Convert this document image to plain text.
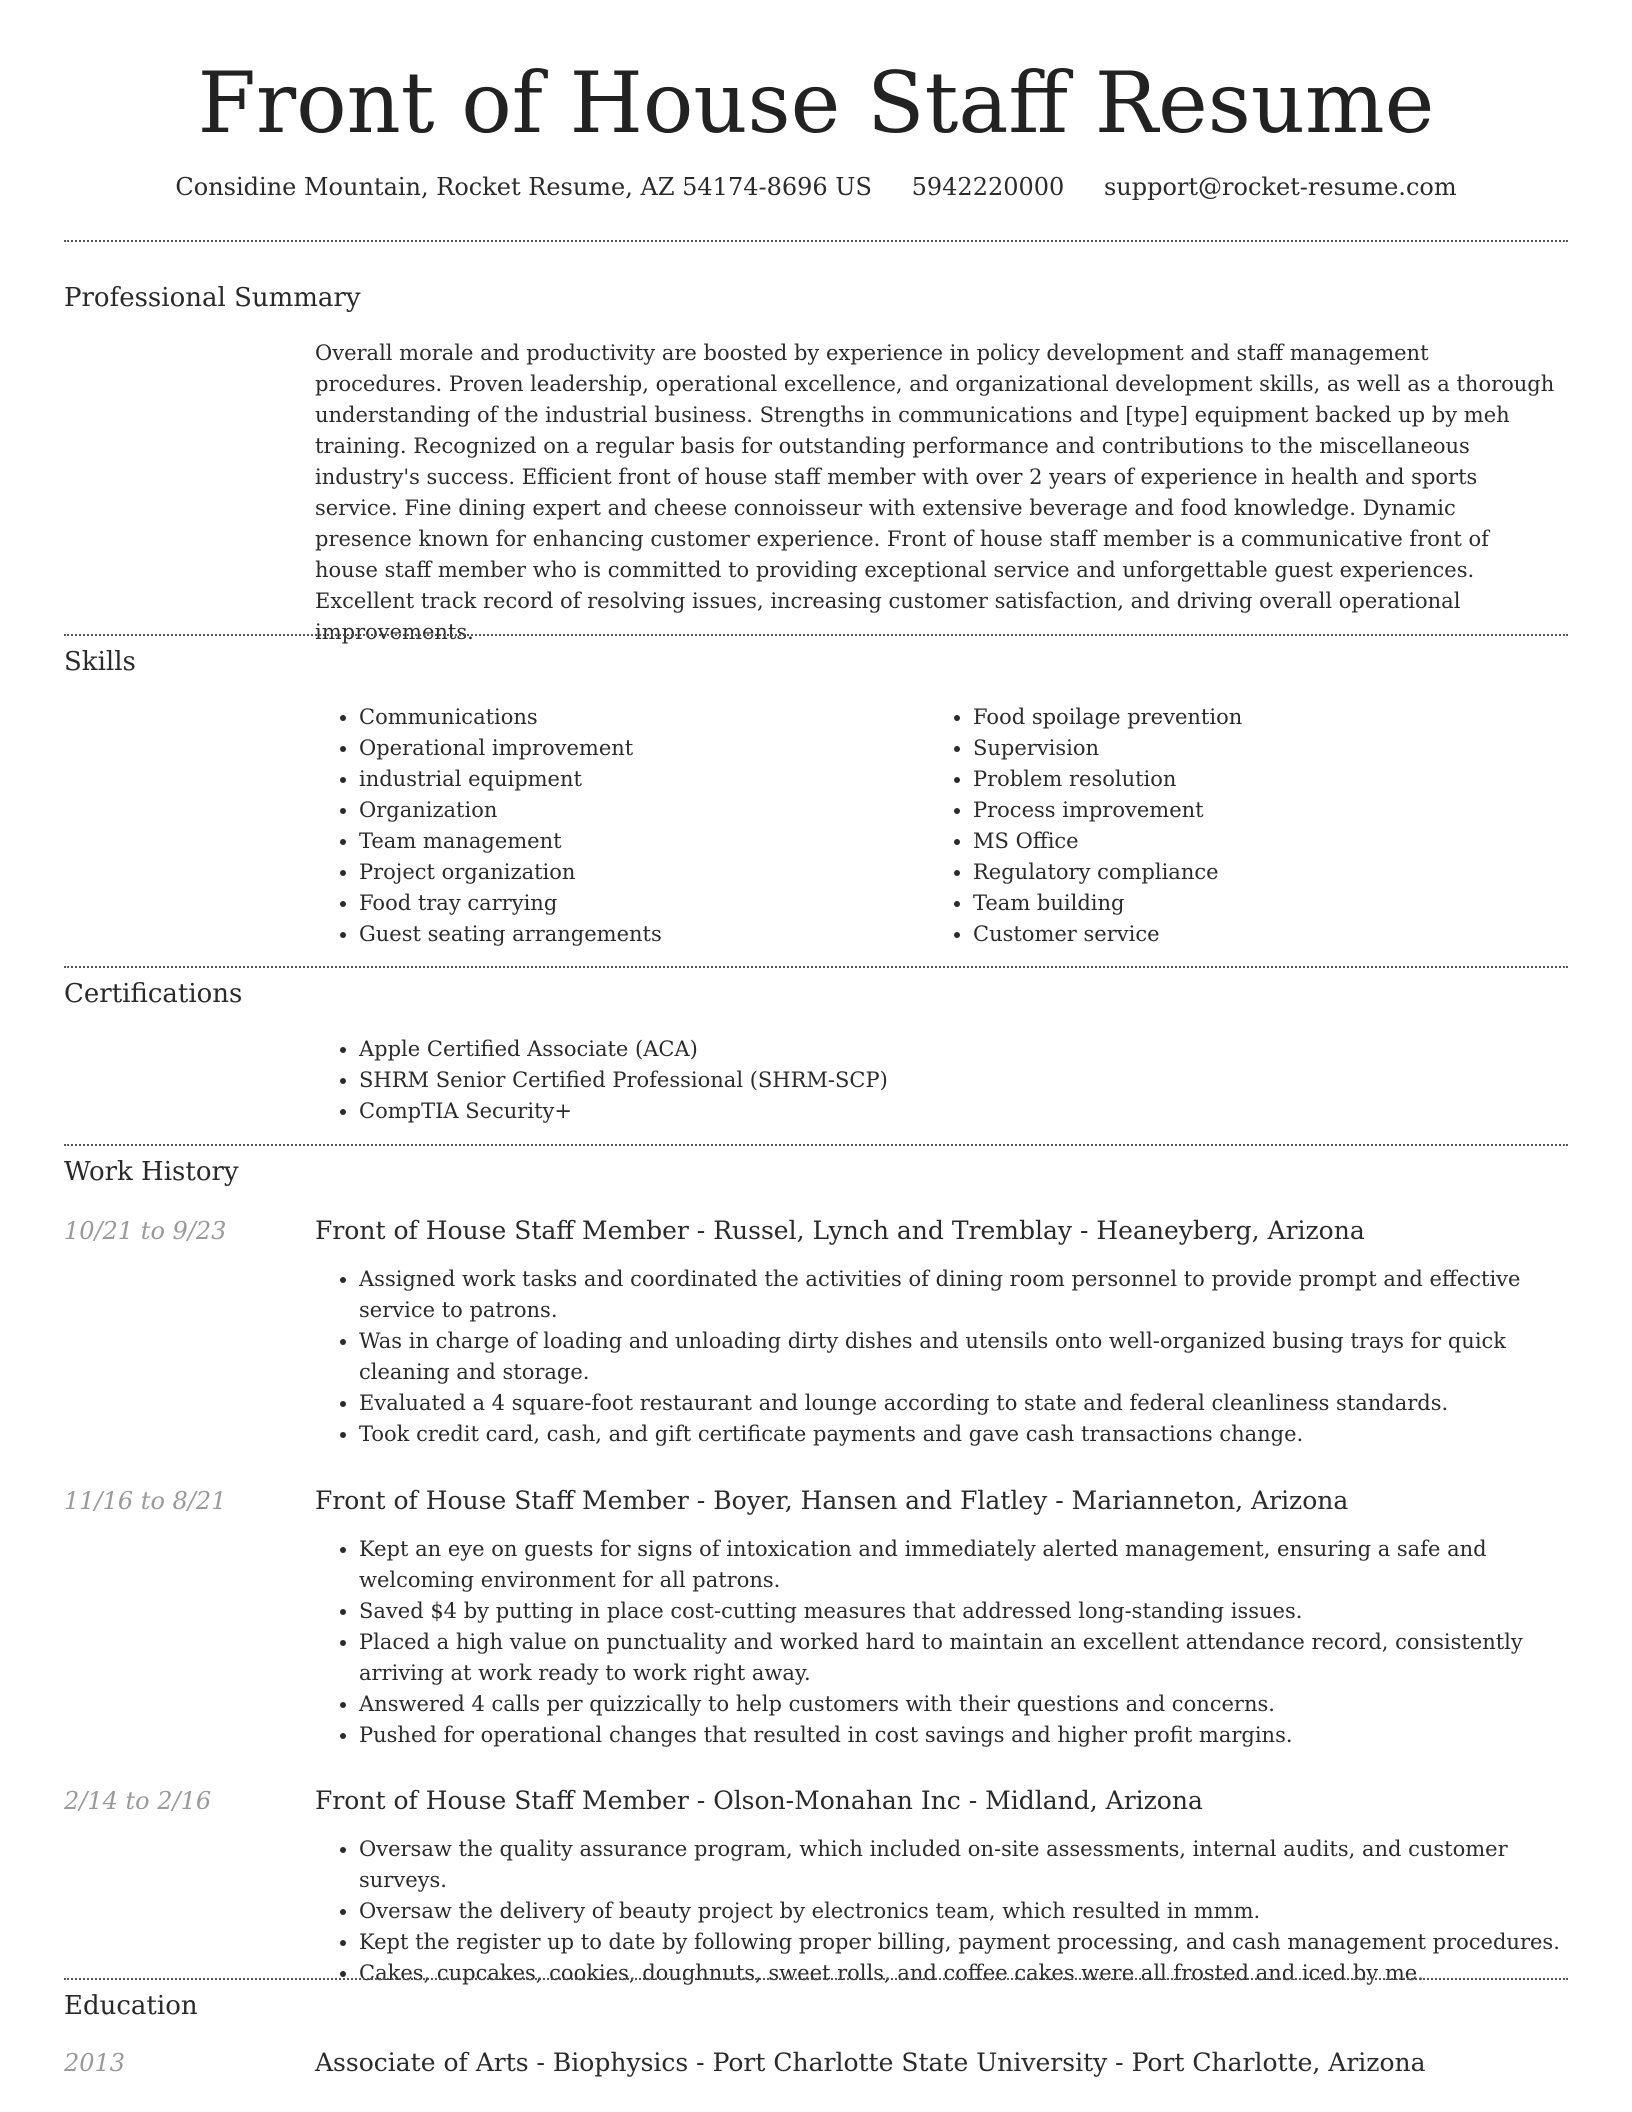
Front of House Staff Resume
Considine Mountain, Rocket Resume, AZ 54174-8696 US 5942220000 support@rocket-resume.com
Professional Summary
Overall morale and productivity are boosted by experience in policy development and staff management procedures. Proven leadership, operational excellence, and organizational development skills, as well as a thorough understanding of the industrial business. Strengths in communications and [type] equipment backed up by meh training. Recognized on a regular basis for outstanding performance and contributions to the miscellaneous industry's success. Efficient front of house staff member with over 2 years of experience in health and sports service. Fine dining expert and cheese connoisseur with extensive beverage and food knowledge. Dynamic presence known for enhancing customer experience. Front of house staff member is a communicative front of house staff member who is committed to providing exceptional service and unforgettable guest experiences. Excellent track record of resolving issues, increasing customer satisfaction, and driving overall operational improvements.
Skills
• Communications
• Operational improvement
• industrial equipment
• Organization
• Team management
• Project organization
• Food tray carrying
• Guest seating arrangements
• Food spoilage prevention
• Supervision
• Problem resolution
• Process improvement
• MS Office
• Regulatory compliance
• Team building
• Customer service
Certifications
• Apple Certified Associate (ACA)
• SHRM Senior Certified Professional (SHRM-SCP)
• CompTIA Security+
Work History
10/21 to 9/23	Front of House Staff Member - Russel, Lynch and Tremblay - Heaneyberg, Arizona
• Assigned work tasks and coordinated the activities of dining room personnel to provide prompt and effective service to patrons.
• Was in charge of loading and unloading dirty dishes and utensils onto well-organized busing trays for quick cleaning and storage.
• Evaluated a 4 square-foot restaurant and lounge according to state and federal cleanliness standards.
• Took credit card, cash, and gift certificate payments and gave cash transactions change.
11/16 to 8/21	Front of House Staff Member - Boyer, Hansen and Flatley - Marianneton, Arizona
• Kept an eye on guests for signs of intoxication and immediately alerted management, ensuring a safe and welcoming environment for all patrons.
• Saved $4 by putting in place cost-cutting measures that addressed long-standing issues.
• Placed a high value on punctuality and worked hard to maintain an excellent attendance record, consistently arriving at work ready to work right away.
• Answered 4 calls per quizzically to help customers with their questions and concerns.
• Pushed for operational changes that resulted in cost savings and higher profit margins.
2/14 to 2/16	Front of House Staff Member - Olson-Monahan Inc - Midland, Arizona
• Oversaw the quality assurance program, which included on-site assessments, internal audits, and customer surveys.
• Oversaw the delivery of beauty project by electronics team, which resulted in mmm.
• Kept the register up to date by following proper billing, payment processing, and cash management procedures.
• Cakes, cupcakes, cookies, doughnuts, sweet rolls, and coffee cakes were all frosted and iced by me.
Education
2013	Associate of Arts - Biophysics - Port Charlotte State University - Port Charlotte, Arizona
